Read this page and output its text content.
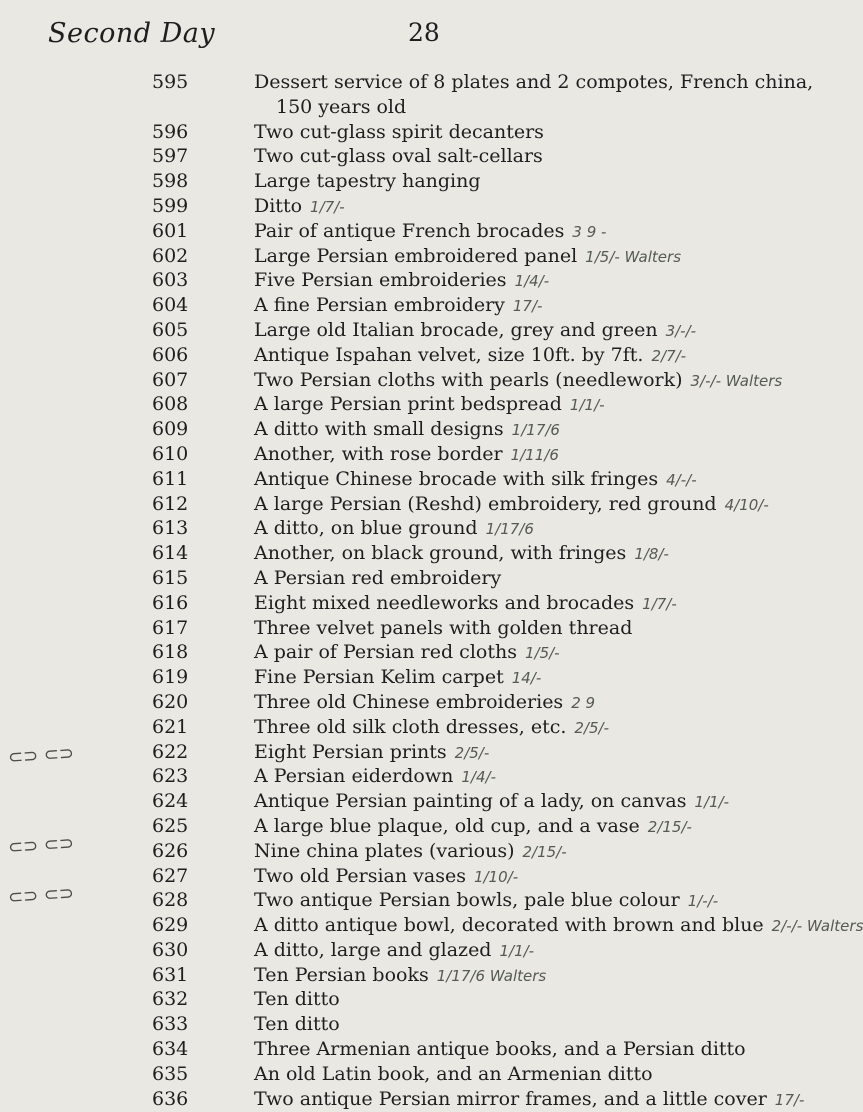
Second Day	28
595	Dessert service of 8 plates and 2 compotes, French china,
150 years old
596	Two cut-glass spirit decanters
597	Two cut-glass oval salt-cellars
598	Large tapestry hanging
599	Ditto 1/7/-
601	Pair of antique French brocades 3 9 -
602	Large Persian embroidered panel 1/5/- Walters
603	Five Persian embroideries 1/4/-
604	A fine Persian embroidery 17/-
605	Large old Italian brocade, grey and green 3/-/-
606	Antique Ispahan velvet, size 10ft. by 7ft. 2/7/-
607	Two Persian cloths with pearls (needlework) 3/-/- Walters
608	A large Persian print bedspread 1/1/-
609	A ditto with small designs 1/17/6
610	Another, with rose border 1/11/6
611	Antique Chinese brocade with silk fringes 4/-/-
612	A large Persian (Reshd) embroidery, red ground 4/10/-
613	A ditto, on blue ground 1/17/6
614	Another, on black ground, with fringes 1/8/-
615	A Persian red embroidery
616	Eight mixed needleworks and brocades 1/7/-
617	Three velvet panels with golden thread
618	A pair of Persian red cloths 1/5/-
619	Fine Persian Kelim carpet 14/-
620	Three old Chinese embroideries 2 9
621	Three old silk cloth dresses, etc. 2/5/-
622	Eight Persian prints 2/5/-
623	A Persian eiderdown 1/4/-
624	Antique Persian painting of a lady, on canvas 1/1/-
625	A large blue plaque, old cup, and a vase 2/15/-
626	Nine china plates (various) 2/15/-
627	Two old Persian vases 1/10/-
628	Two antique Persian bowls, pale blue colour 1/-/-
629	A ditto antique bowl, decorated with brown and blue 2/-/- Walters
630	A ditto, large and glazed 1/1/-
631	Ten Persian books 1/17/6 Walters
632	Ten ditto
633	Ten ditto
634	Three Armenian antique books, and a Persian ditto
635	An old Latin book, and an Armenian ditto
636	Two antique Persian mirror frames, and a little cover 17/-
⊂⊃ ⊂⊃
⊂⊃ ⊂⊃
⊂⊃ ⊂⊃
